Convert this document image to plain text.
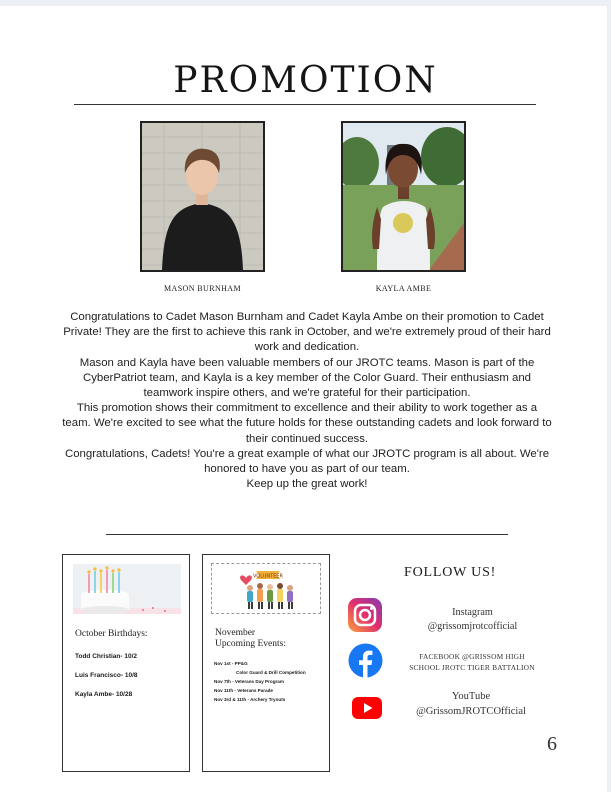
PROMOTION
MASON BURNHAM	KAYLA AMBE

Congratulations to Cadet Mason Burnham and Cadet Kayla Ambe on their promotion to Cadet Private! They are the first to achieve this rank in October, and we're extremely proud of their hard work and dedication.

Mason and Kayla have been valuable members of our JROTC teams. Mason is part of the CyberPatriot team, and Kayla is a key member of the Color Guard. Their enthusiasm and teamwork inspire others, and we're grateful for their participation.

This promotion shows their commitment to excellence and their ability to work together as a team. We're excited to see what the future holds for these outstanding cadets and look forward to their continued success.

Congratulations, Cadets! You're a great example of what our JROTC program is all about. We're honored to have you as part of our team.

Keep up the great work!

October Birthdays:
Todd Christian- 10/2
Luis Francisco- 10/8
Kayla Ambe- 10/28
VOLUNTEER
November
Upcoming Events:
Nov 1st - PP&G
Color Guard & Drill Competition
Nov 7th - Veterans Day Program
Nov 11th - Veterans Parade
Nov 3rd & 11th - Archery Tryouts
FOLLOW US!
Instagram
@grissomjrotcofficial
FACEBOOK @GRISSOM HIGH
SCHOOL JROTC TIGER BATTALION
YouTube
@GrissomJROTCOfficial
6
